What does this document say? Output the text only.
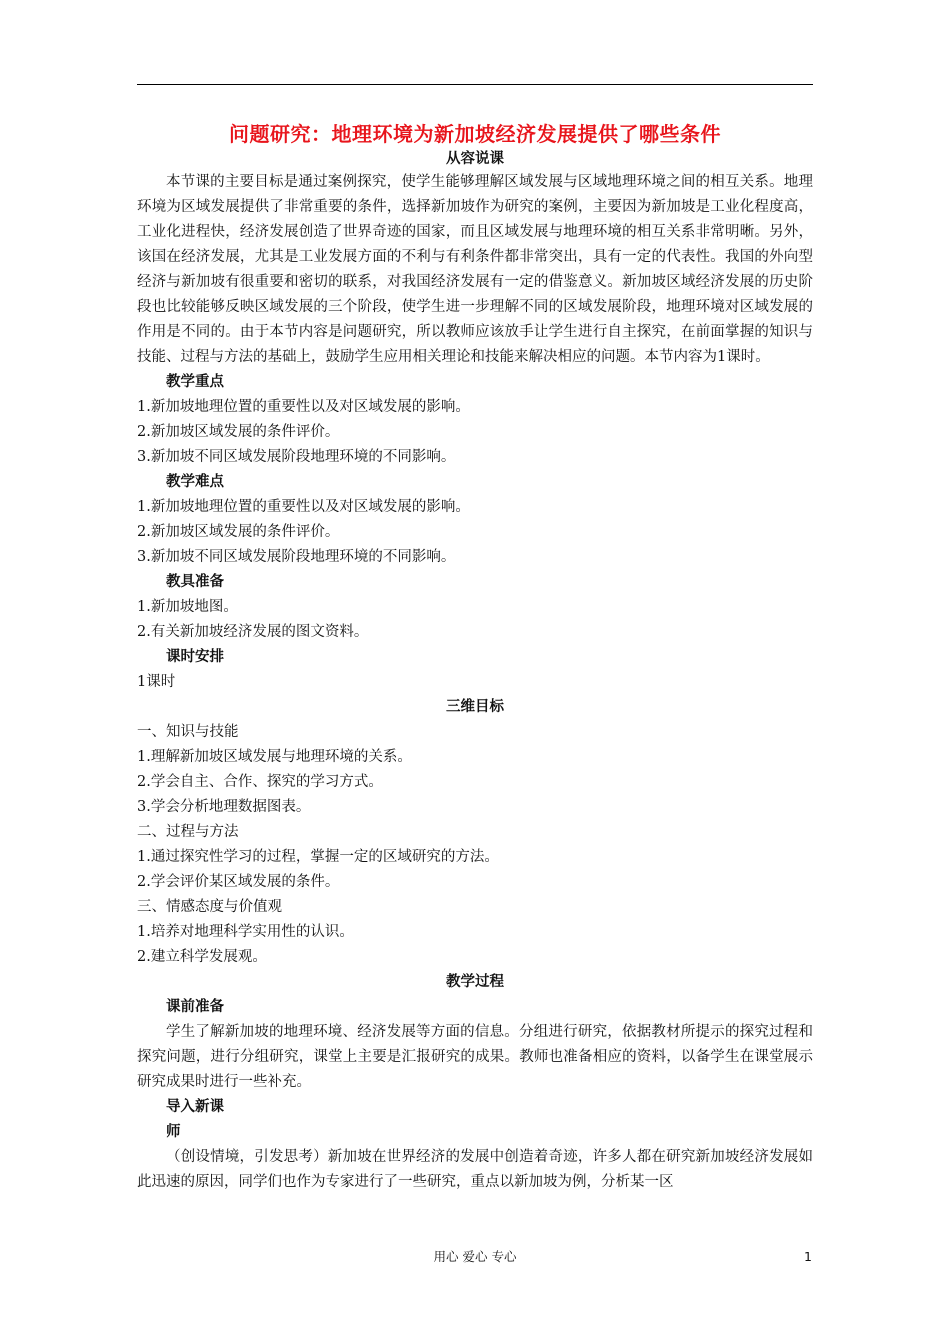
问题研究：地理环境为新加坡经济发展提供了哪些条件

从容说课

本节课的主要目标是通过案例探究，使学生能够理解区域发展与区域地理环境之间的相互关系。地理环境为区域发展提供了非常重要的条件，选择新加坡作为研究的案例，主要因为新加坡是工业化程度高，工业化进程快，经济发展创造了世界奇迹的国家，而且区域发展与地理环境的相互关系非常明晰。另外，该国在经济发展，尤其是工业发展方面的不利与有利条件都非常突出，具有一定的代表性。我国的外向型经济与新加坡有很重要和密切的联系，对我国经济发展有一定的借鉴意义。新加坡区域经济发展的历史阶段也比较能够反映区域发展的三个阶段，使学生进一步理解不同的区域发展阶段，地理环境对区域发展的作用是不同的。由于本节内容是问题研究，所以教师应该放手让学生进行自主探究，在前面掌握的知识与技能、过程与方法的基础上，鼓励学生应用相关理论和技能来解决相应的问题。本节内容为1课时。

教学重点

1.新加坡地理位置的重要性以及对区域发展的影响。

2.新加坡区域发展的条件评价。

3.新加坡不同区域发展阶段地理环境的不同影响。

教学难点

1.新加坡地理位置的重要性以及对区域发展的影响。

2.新加坡区域发展的条件评价。

3.新加坡不同区域发展阶段地理环境的不同影响。

教具准备

1.新加坡地图。

2.有关新加坡经济发展的图文资料。

课时安排

1课时

三维目标

一、知识与技能

1.理解新加坡区域发展与地理环境的关系。

2.学会自主、合作、探究的学习方式。

3.学会分析地理数据图表。

二、过程与方法

1.通过探究性学习的过程，掌握一定的区域研究的方法。

2.学会评价某区域发展的条件。

三、情感态度与价值观

1.培养对地理科学实用性的认识。

2.建立科学发展观。

教学过程

课前准备

学生了解新加坡的地理环境、经济发展等方面的信息。分组进行研究，依据教材所提示的探究过程和探究问题，进行分组研究，课堂上主要是汇报研究的成果。教师也准备相应的资料，以备学生在课堂展示研究成果时进行一些补充。

导入新课

师

（创设情境，引发思考）新加坡在世界经济的发展中创造着奇迹，许多人都在研究新加坡经济发展如此迅速的原因，同学们也作为专家进行了一些研究，重点以新加坡为例，分析某一区

用心 爱心 专心	1
